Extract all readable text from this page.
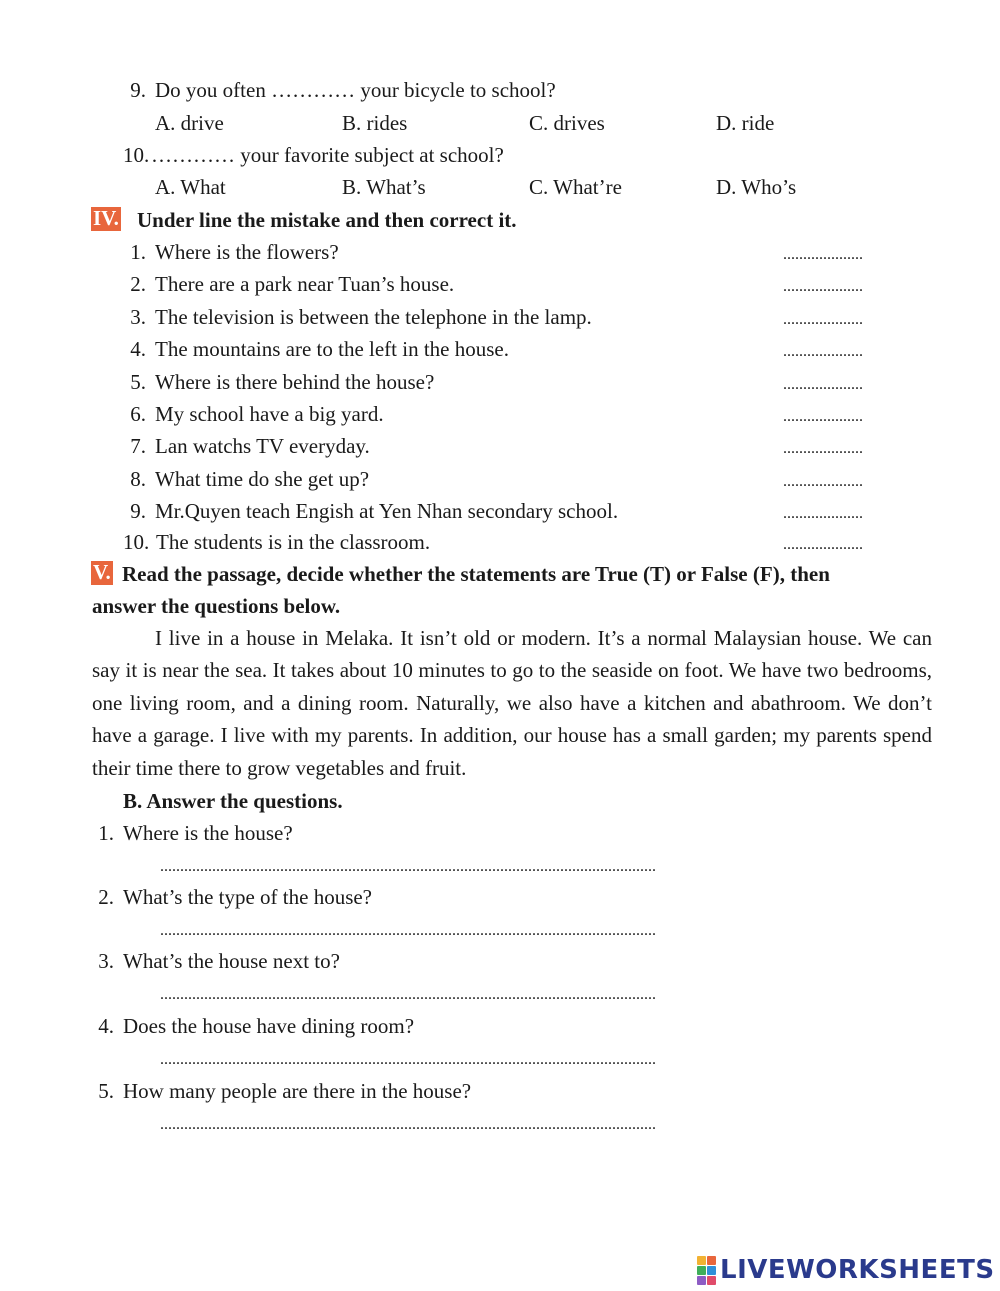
9. Do you often ………… your bicycle to school?
A. drive	B. rides	C. drives	D. ride
10. ………… your favorite subject at school?
A. What	B. What’s	C. What’re	D. Who’s
IV. Under line the mistake and then correct it.
1. Where is the flowers?	....................
2. There are a park near Tuan’s house.	....................
3. The television is between the telephone in the lamp.	....................
4. The mountains are to the left in the house.	....................
5. Where is there behind the house?	....................
6. My school have a big yard.	....................
7. Lan watchs TV everyday.	....................
8. What time do she get up?	....................
9. Mr.Quyen teach Engish at Yen Nhan secondary school.	....................
10. The students is in the classroom.	....................
V. Read the passage, decide whether the statements are True (T) or False (F), then
answer the questions below.

I live in a house in Melaka. It isn’t old or modern. It’s a normal Malaysian house. We can say it is near the sea. It takes about 10 minutes to go to the seaside on foot. We have two bedrooms, one living room, and a dining room. Naturally, we also have a kitchen and abathroom. We don’t have a garage. I live with my parents. In addition, our house has a small garden; my parents spend their time there to grow vegetables and fruit.

B. Answer the questions.
1. Where is the house?
............................................................................................................................
2. What’s the type of the house?
............................................................................................................................
3. What’s the house next to?
............................................................................................................................
4. Does the house have dining room?
............................................................................................................................
5. How many people are there in the house?
............................................................................................................................
LIVEWORKSHEETS
